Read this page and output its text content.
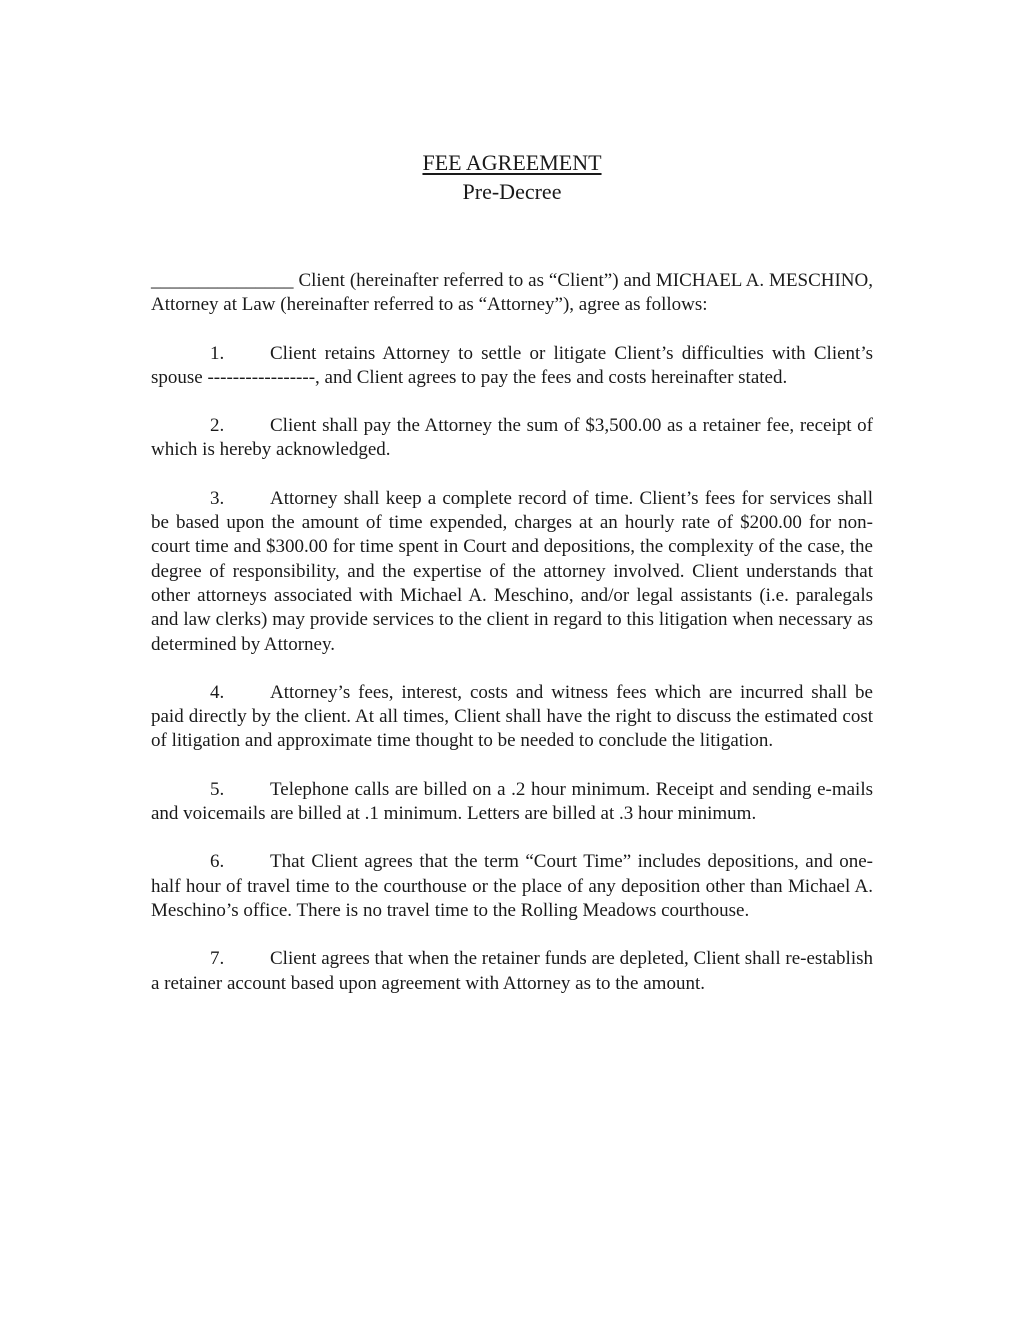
FEE AGREEMENT
Pre-Decree

_______________ Client (hereinafter referred to as “Client”) and MICHAEL A. MESCHINO, Attorney at Law (hereinafter referred to as “Attorney”), agree as follows:

1. Client retains Attorney to settle or litigate Client’s difficulties with Client’s spouse -----------------, and Client agrees to pay the fees and costs hereinafter stated.

2. Client shall pay the Attorney the sum of $3,500.00 as a retainer fee, receipt of which is hereby acknowledged.

3. Attorney shall keep a complete record of time. Client’s fees for services shall be based upon the amount of time expended, charges at an hourly rate of $200.00 for non-court time and $300.00 for time spent in Court and depositions, the complexity of the case, the degree of responsibility, and the expertise of the attorney involved. Client understands that other attorneys associated with Michael A. Meschino, and/or legal assistants (i.e. paralegals and law clerks) may provide services to the client in regard to this litigation when necessary as determined by Attorney.

4. Attorney’s fees, interest, costs and witness fees which are incurred shall be paid directly by the client. At all times, Client shall have the right to discuss the estimated cost of litigation and approximate time thought to be needed to conclude the litigation.

5. Telephone calls are billed on a .2 hour minimum. Receipt and sending e-mails and voicemails are billed at .1 minimum. Letters are billed at .3 hour minimum.

6. That Client agrees that the term “Court Time” includes depositions, and one-half hour of travel time to the courthouse or the place of any deposition other than Michael A. Meschino’s office. There is no travel time to the Rolling Meadows courthouse.

7. Client agrees that when the retainer funds are depleted, Client shall re-establish a retainer account based upon agreement with Attorney as to the amount.
